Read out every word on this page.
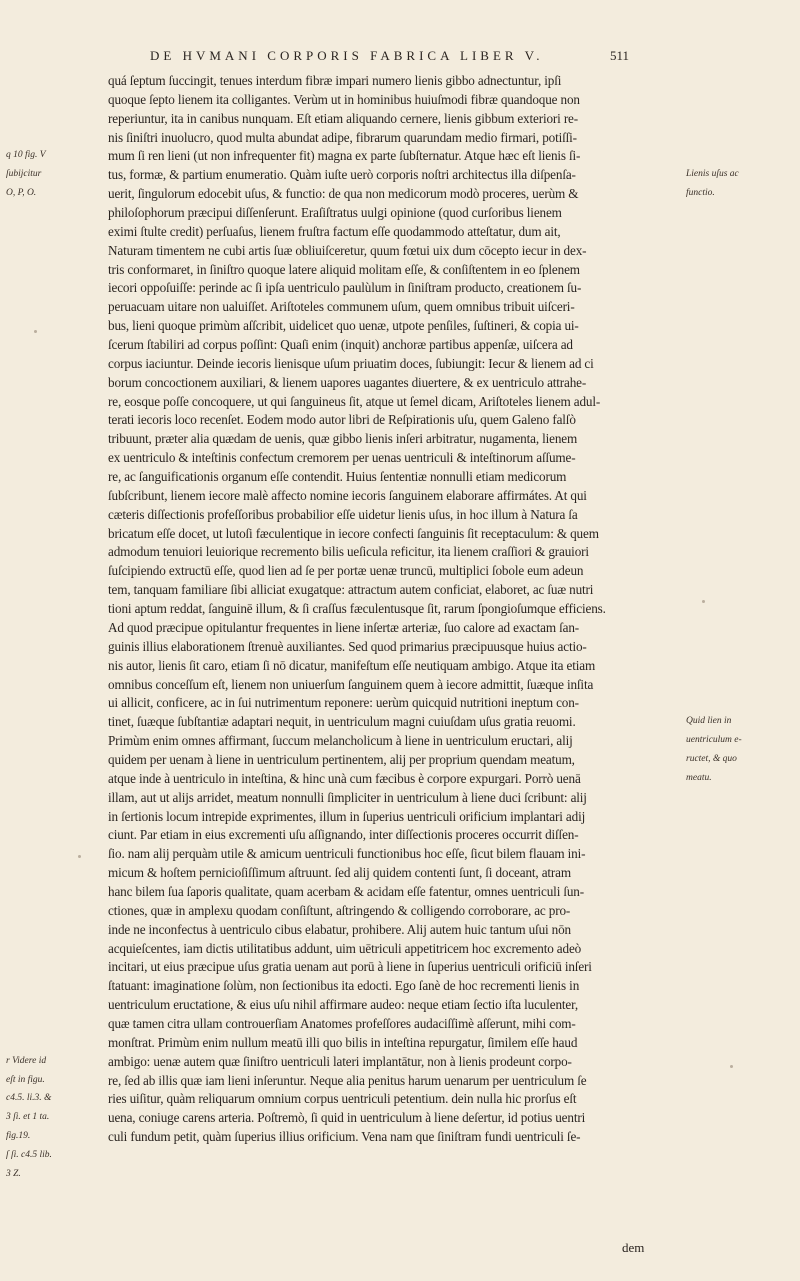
DE HVMANI CORPORIS FABRICA LIBER V.	511
quá ſeptum ſuccingit, tenues interdum fibræ impari numero lienis gibbo adnectuntur, ipſi
quoque ſepto lienem ita colligantes. Verùm ut in hominibus huiuſmodi fibræ quandoque non
reperiuntur, ita in canibus nunquam. Eſt etiam aliquando cernere, lienis gibbum exteriori re-
nis ſiniſtri inuolucro, quod multa abundat adipe, fibrarum quarundam medio firmari, potiſſi-
mum ſi ren lieni (ut non infrequenter fit) magna ex parte ſubſternatur. Atque hæc eſt lienis ſi-
tus, formæ, & partium enumeratio. Quàm iuſte uerò corporis noſtri architectus illa diſpenſa-
uerit, ſingulorum edocebit uſus, & functio: de qua non medicorum modò proceres, uerùm &
philoſophorum præcipui diſſenſerunt. Eraſiſtratus uulgi opinione (quod curſoribus lienem
eximi ſtulte credit) perſuaſus, lienem fruſtra factum eſſe quodammodo atteſtatur, dum ait,
Naturam timentem ne cubi artis ſuæ obliuiſceretur, quum fœtui uix dum cōcepto iecur in dex-
tris conformaret, in ſiniſtro quoque latere aliquid molitam eſſe, & conſiſtentem in eo ſplenem
iecori oppoſuiſſe: perinde ac ſi ipſa uentriculo paulùlum in ſiniſtram producto, creationem ſu-
peruacuam uitare non ualuiſſet. Ariſtoteles communem uſum, quem omnibus tribuit uiſceri-
bus, lieni quoque primùm aſſcribit, uidelicet quo uenæ, utpote penſiles, ſuſtineri, & copia ui-
ſcerum ſtabiliri ad corpus poſſint: Quaſi enim (inquit) anchoræ partibus appenſæ, uiſcera ad
corpus iaciuntur. Deinde iecoris lienisque uſum priuatim doces, ſubiungit: Iecur & lienem ad ci
borum concoctionem auxiliari, & lienem uapores uagantes diuertere, & ex uentriculo attrahe-
re, eosque poſſe concoquere, ut qui ſanguineus ſit, atque ut ſemel dicam, Ariſtoteles lienem adul-
terati iecoris loco recenſet. Eodem modo autor libri de Reſpirationis uſu, quem Galeno falſò
tribuunt, præter alia quædam de uenis, quæ gibbo lienis inſeri arbitratur, nugamenta, lienem
ex uentriculo & inteſtinis confectum cremorem per uenas uentriculi & inteſtinorum aſſume-
re, ac ſanguificationis organum eſſe contendit. Huius ſententiæ nonnulli etiam medicorum
ſubſcribunt, lienem iecore malè affecto nomine iecoris ſanguinem elaborare affirmátes. At qui
cæteris diſſectionis profeſſoribus probabilior eſſe uidetur lienis uſus, in hoc illum à Natura ſa
bricatum eſſe docet, ut lutoſi fæculentique in iecore confecti ſanguinis ſit receptaculum: & quem
admodum tenuiori leuiorique recremento bilis ueſicula reficitur, ita lienem craſſiori & grauiori
ſuſcipiendo extructū eſſe, quod lien ad ſe per portæ uenæ truncū, multiplici ſobole eum adeun
tem, tanquam familiare ſibi alliciat exugatque: attractum autem conficiat, elaboret, ac ſuæ nutri
tioni aptum reddat, ſanguinē illum, & ſi craſſus fæculentusque ſit, rarum ſpongioſumque efficiens.
Ad quod præcipue opitulantur frequentes in liene inſertæ arteriæ, ſuo calore ad exactam ſan-
guinis illius elaborationem ſtrenuè auxiliantes. Sed quod primarius præcipuusque huius actio-
nis autor, lienis ſit caro, etiam ſi nō dicatur, manifeſtum eſſe neutiquam ambigo. Atque ita etiam
omnibus conceſſum eſt, lienem non uniuerſum ſanguinem quem à iecore admittit, ſuæque inſita
ui allicit, conficere, ac in ſui nutrimentum reponere: uerùm quicquid nutritioni ineptum con-
tinet, ſuæque ſubſtantiæ adaptari nequit, in uentriculum magni cuiuſdam uſus gratia reuomi.
Primùm enim omnes affirmant, ſuccum melancholicum à liene in uentriculum eructari, alij
quidem per uenam à liene in uentriculum pertinentem, alij per proprium quendam meatum,
atque inde à uentriculo in inteſtina, & hinc unà cum fæcibus è corpore expurgari. Porrò uenā
illam, aut ut alijs arridet, meatum nonnulli ſimpliciter in uentriculum à liene duci ſcribunt: alij
in ſertionis locum intrepide exprimentes, illum in ſuperius uentriculi orificium implantari adij
ciunt. Par etiam in eius excrementi uſu aſſignando, inter diſſectionis proceres occurrit diſſen-
ſio. nam alij perquàm utile & amicum uentriculi functionibus hoc eſſe, ſicut bilem flauam ini-
micum & hoſtem pernicioſiſſimum aſtruunt. ſed alij quidem contenti ſunt, ſi doceant, atram
hanc bilem ſua ſaporis qualitate, quam acerbam & acidam eſſe fatentur, omnes uentriculi ſun-
ctiones, quæ in amplexu quodam conſiſtunt, aſtringendo & colligendo corroborare, ac pro-
inde ne inconfectus à uentriculo cibus elabatur, prohibere. Alij autem huic tantum uſui nōn
acquieſcentes, iam dictis utilitatibus addunt, uim uētriculi appetitricem hoc excremento adeò
incitari, ut eius præcipue uſus gratia uenam aut porū à liene in ſuperius uentriculi orificiū inſeri
ſtatuant: imaginatione ſolùm, non ſectionibus ita edocti. Ego ſanè de hoc recrementi lienis in
uentriculum eructatione, & eius uſu nihil affirmare audeo: neque etiam ſectio iſta luculenter,
quæ tamen citra ullam controuerſiam Anatomes profeſſores audaciſſimè aſſerunt, mihi com-
monſtrat. Primùm enim nullum meatū illi quo bilis in inteſtina repurgatur, ſimilem eſſe haud
ambigo: uenæ autem quæ ſiniſtro uentriculi lateri implantātur, non à lienis prodeunt corpo-
re, ſed ab illis quæ iam lieni inſeruntur. Neque alia penitus harum uenarum per uentriculum ſe
ries uiſitur, quàm reliquarum omnium corpus uentriculi petentium. dein nulla hic prorſus eſt
uena, coniuge carens arteria. Poſtremò, ſi quid in uentriculum à liene deſertur, id potius uentri
culi fundum petit, quàm ſuperius illius orificium. Vena nam que ſiniſtram fundi uentriculi ſe-
q 10 fig. V
ſubijcitur
O, P, O.
r Videre id
eſt in figu.
c4.5. li.3. &
3 ſi. et 1 ta.
fig.19.
ſ ſi. c4.5 lib.
3 Z.
Lienis uſus ac
functio.
Quid lien in
uentriculum e-
ructet, & quo
meatu.
dem
